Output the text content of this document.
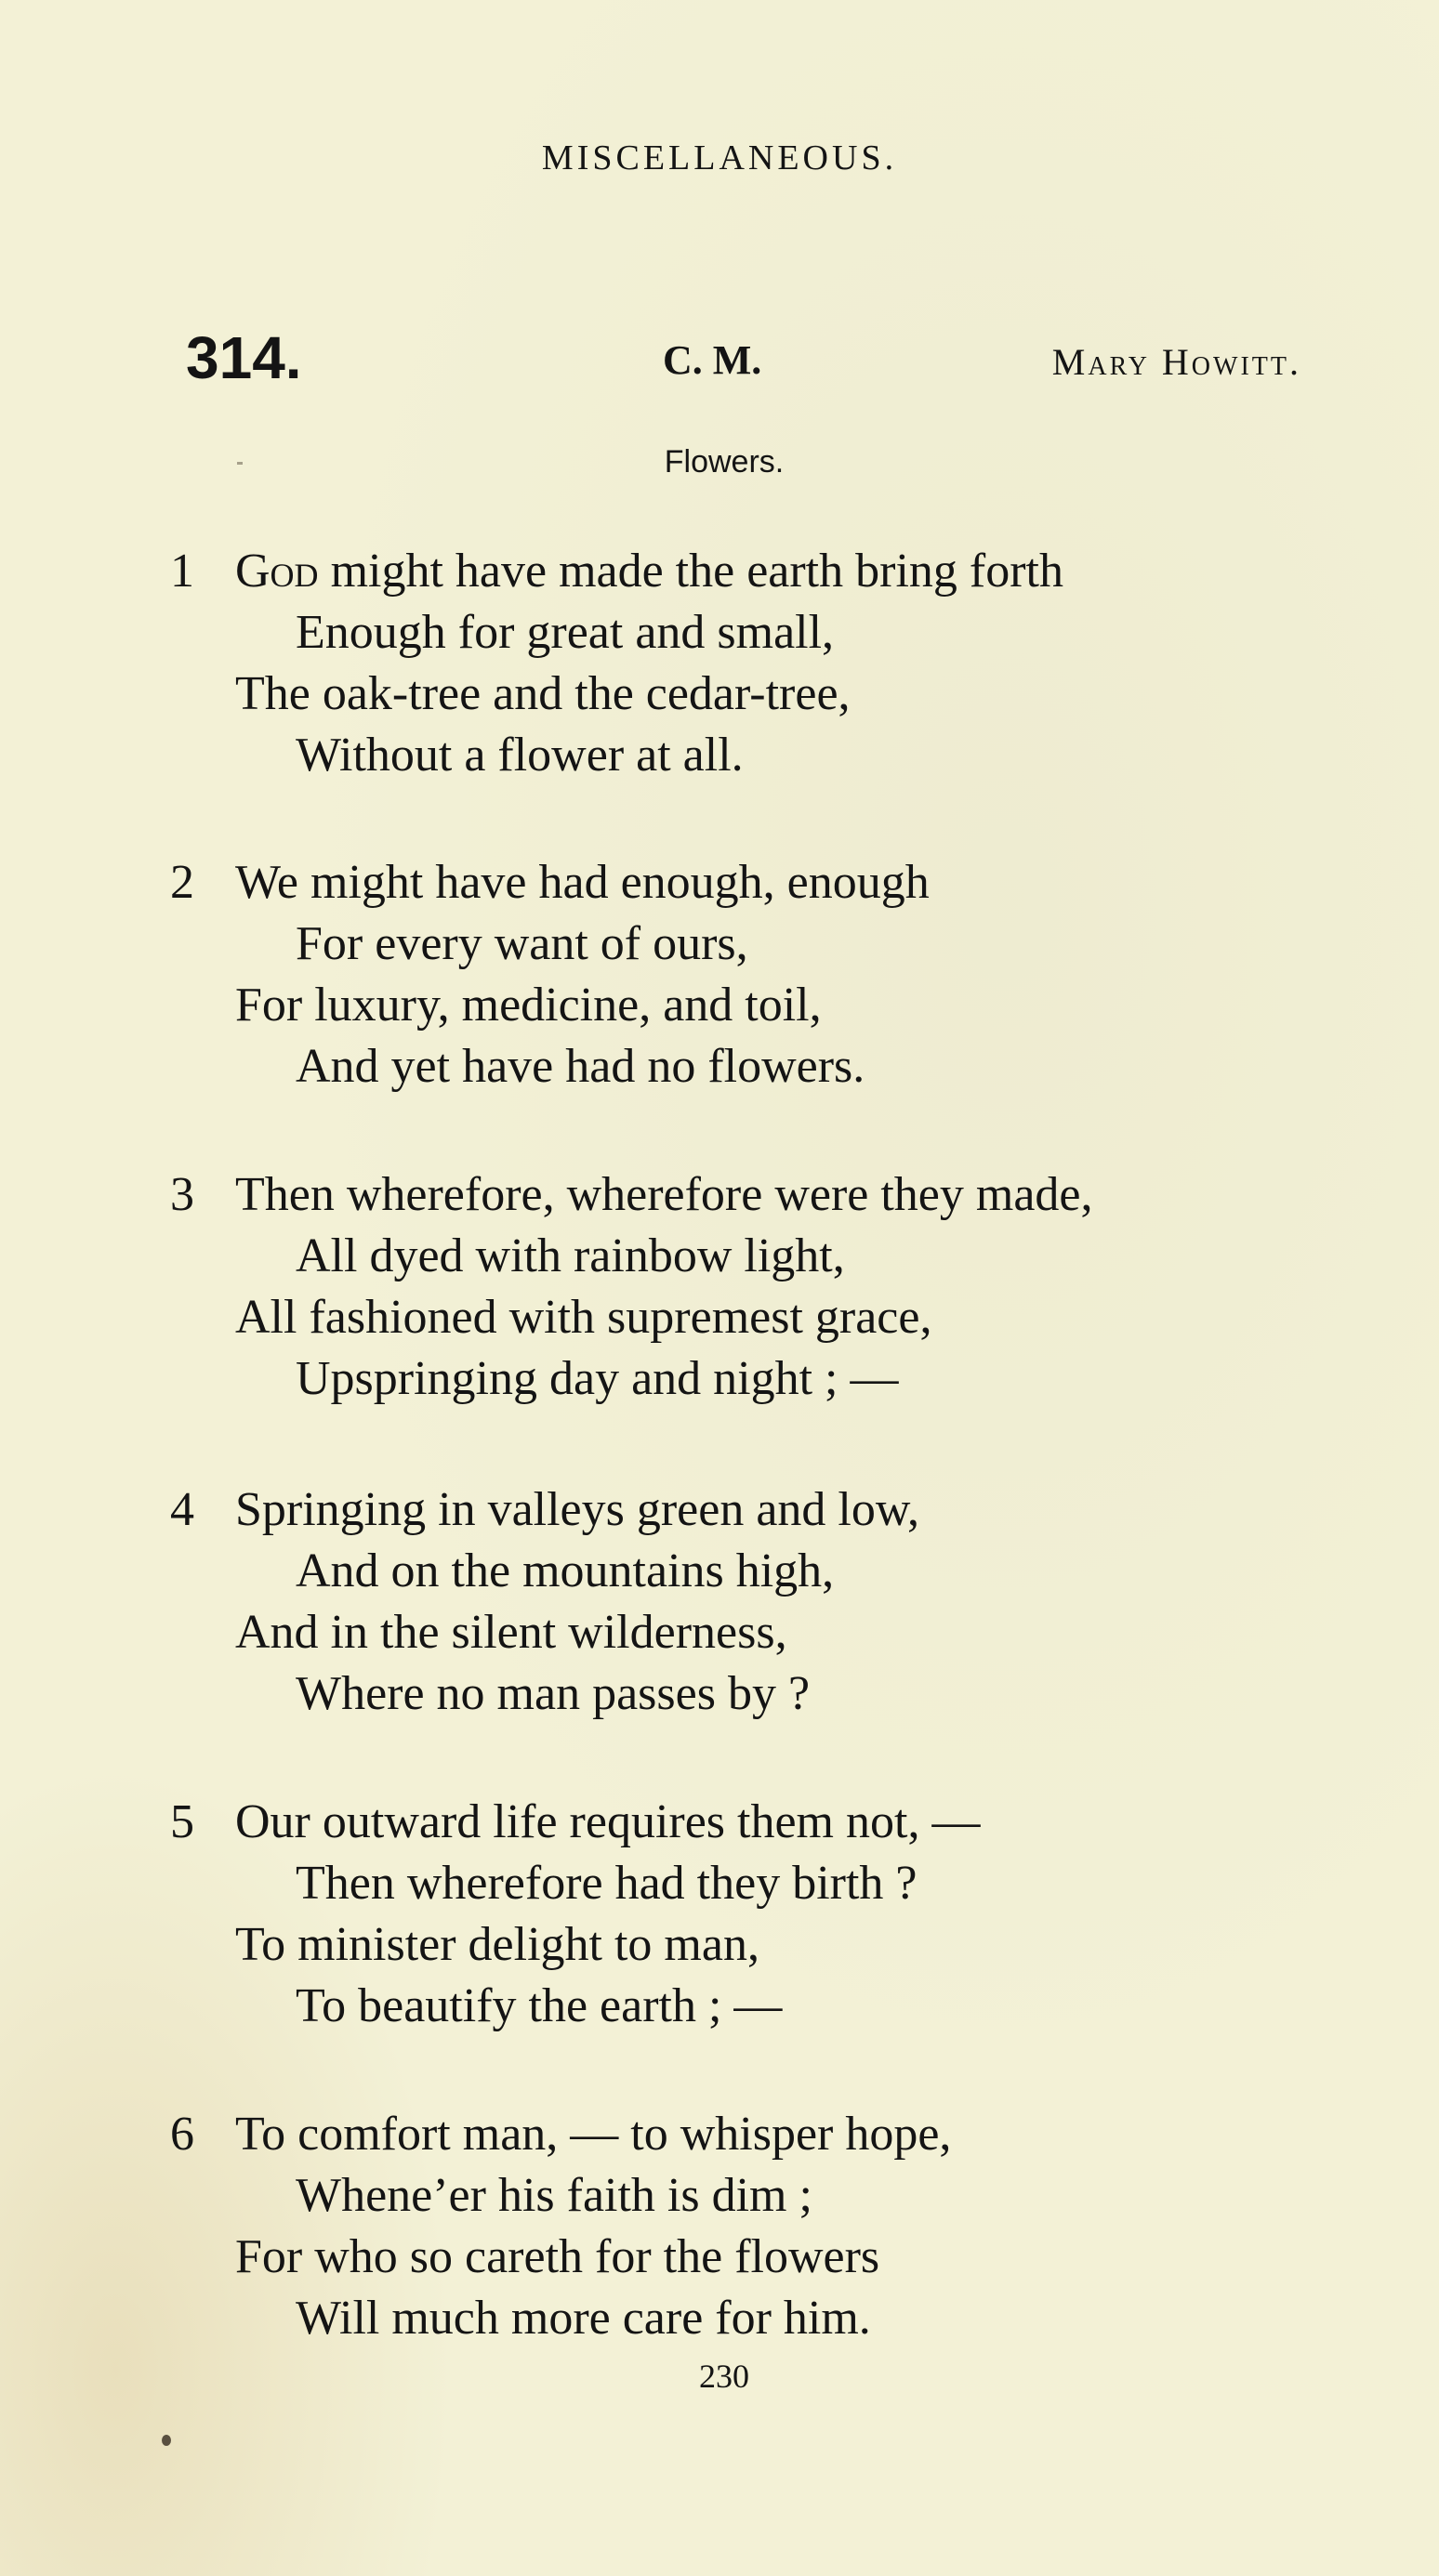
MISCELLANEOUS.
314.	C. M.	Mary Howitt.
Flowers.
1 God might have made the earth bring forth
Enough for great and small,
The oak-tree and the cedar-tree,
Without a flower at all.
2 We might have had enough, enough
For every want of ours,
For luxury, medicine, and toil,
And yet have had no flowers.
3 Then wherefore, wherefore were they made,
All dyed with rainbow light,
All fashioned with supremest grace,
Upspringing day and night ; —
4 Springing in valleys green and low,
And on the mountains high,
And in the silent wilderness,
Where no man passes by ?
5 Our outward life requires them not, —
Then wherefore had they birth ?
To minister delight to man,
To beautify the earth ; —
6 To comfort man, — to whisper hope,
Whene’er his faith is dim ;
For who so careth for the flowers
Will much more care for him.
230
